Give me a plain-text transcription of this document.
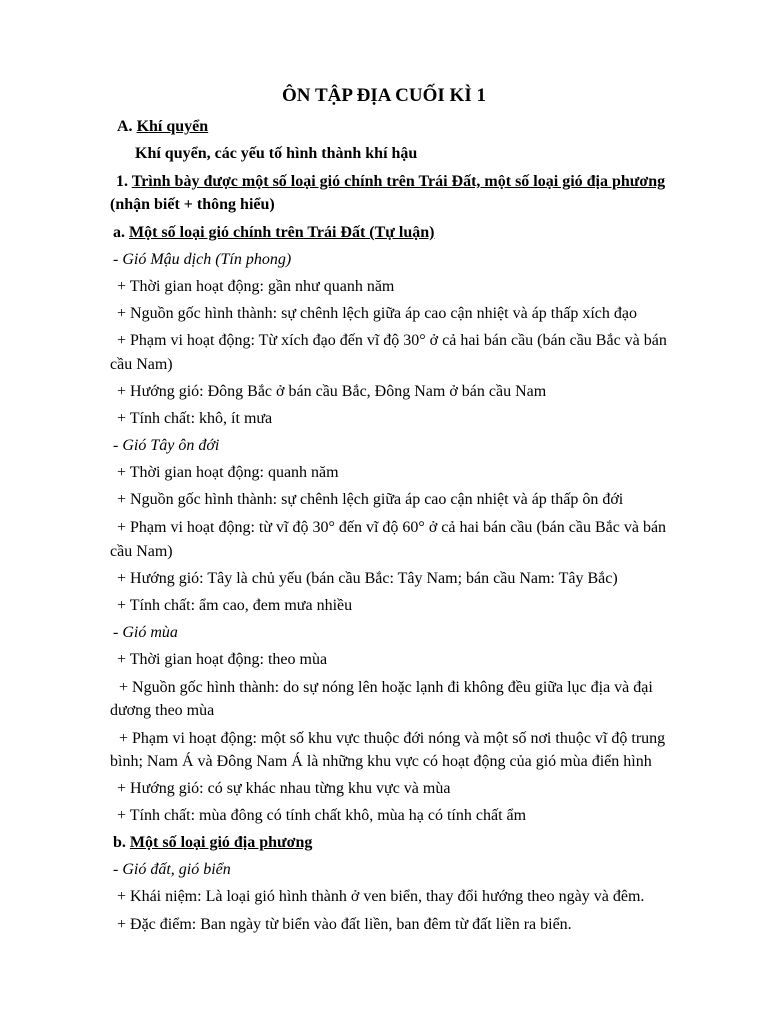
ÔN TẬP ĐỊA CUỐI KÌ 1

A. Khí quyển

Khí quyển, các yếu tố hình thành khí hậu

1. Trình bày được một số loại gió chính trên Trái Đất, một số loại gió địa phương

(nhận biết + thông hiểu)

a. Một số loại gió chính trên Trái Đất (Tự luận)

- Gió Mậu dịch (Tín phong)

+ Thời gian hoạt động: gần như quanh năm

+ Nguồn gốc hình thành: sự chênh lệch giữa áp cao cận nhiệt và áp thấp xích đạo

+ Phạm vi hoạt động: Từ xích đạo đến vĩ độ 30° ở cả hai bán cầu (bán cầu Bắc và bán

cầu Nam)

+ Hướng gió: Đông Bắc ở bán cầu Bắc, Đông Nam ở bán cầu Nam

+ Tính chất: khô, ít mưa

- Gió Tây ôn đới

+ Thời gian hoạt động: quanh năm

+ Nguồn gốc hình thành: sự chênh lệch giữa áp cao cận nhiệt và áp thấp ôn đới

+ Phạm vi hoạt động: từ vĩ độ 30° đến vĩ độ 60° ở cả hai bán cầu (bán cầu Bắc và bán

cầu Nam)

+ Hướng gió: Tây là chủ yếu (bán cầu Bắc: Tây Nam; bán cầu Nam: Tây Bắc)

+ Tính chất: ẩm cao, đem mưa nhiều

- Gió mùa

+ Thời gian hoạt động: theo mùa

+ Nguồn gốc hình thành: do sự nóng lên hoặc lạnh đi không đều giữa lục địa và đại

dương theo mùa

+ Phạm vi hoạt động: một số khu vực thuộc đới nóng và một số nơi thuộc vĩ độ trung

bình; Nam Á và Đông Nam Á là những khu vực có hoạt động của gió mùa điển hình

+ Hướng gió: có sự khác nhau từng khu vực và mùa

+ Tính chất: mùa đông có tính chất khô, mùa hạ có tính chất ẩm

b. Một số loại gió địa phương

- Gió đất, gió biển

+ Khái niệm: Là loại gió hình thành ở ven biển, thay đổi hướng theo ngày và đêm.

+ Đặc điểm: Ban ngày từ biển vào đất liền, ban đêm từ đất liền ra biển.
